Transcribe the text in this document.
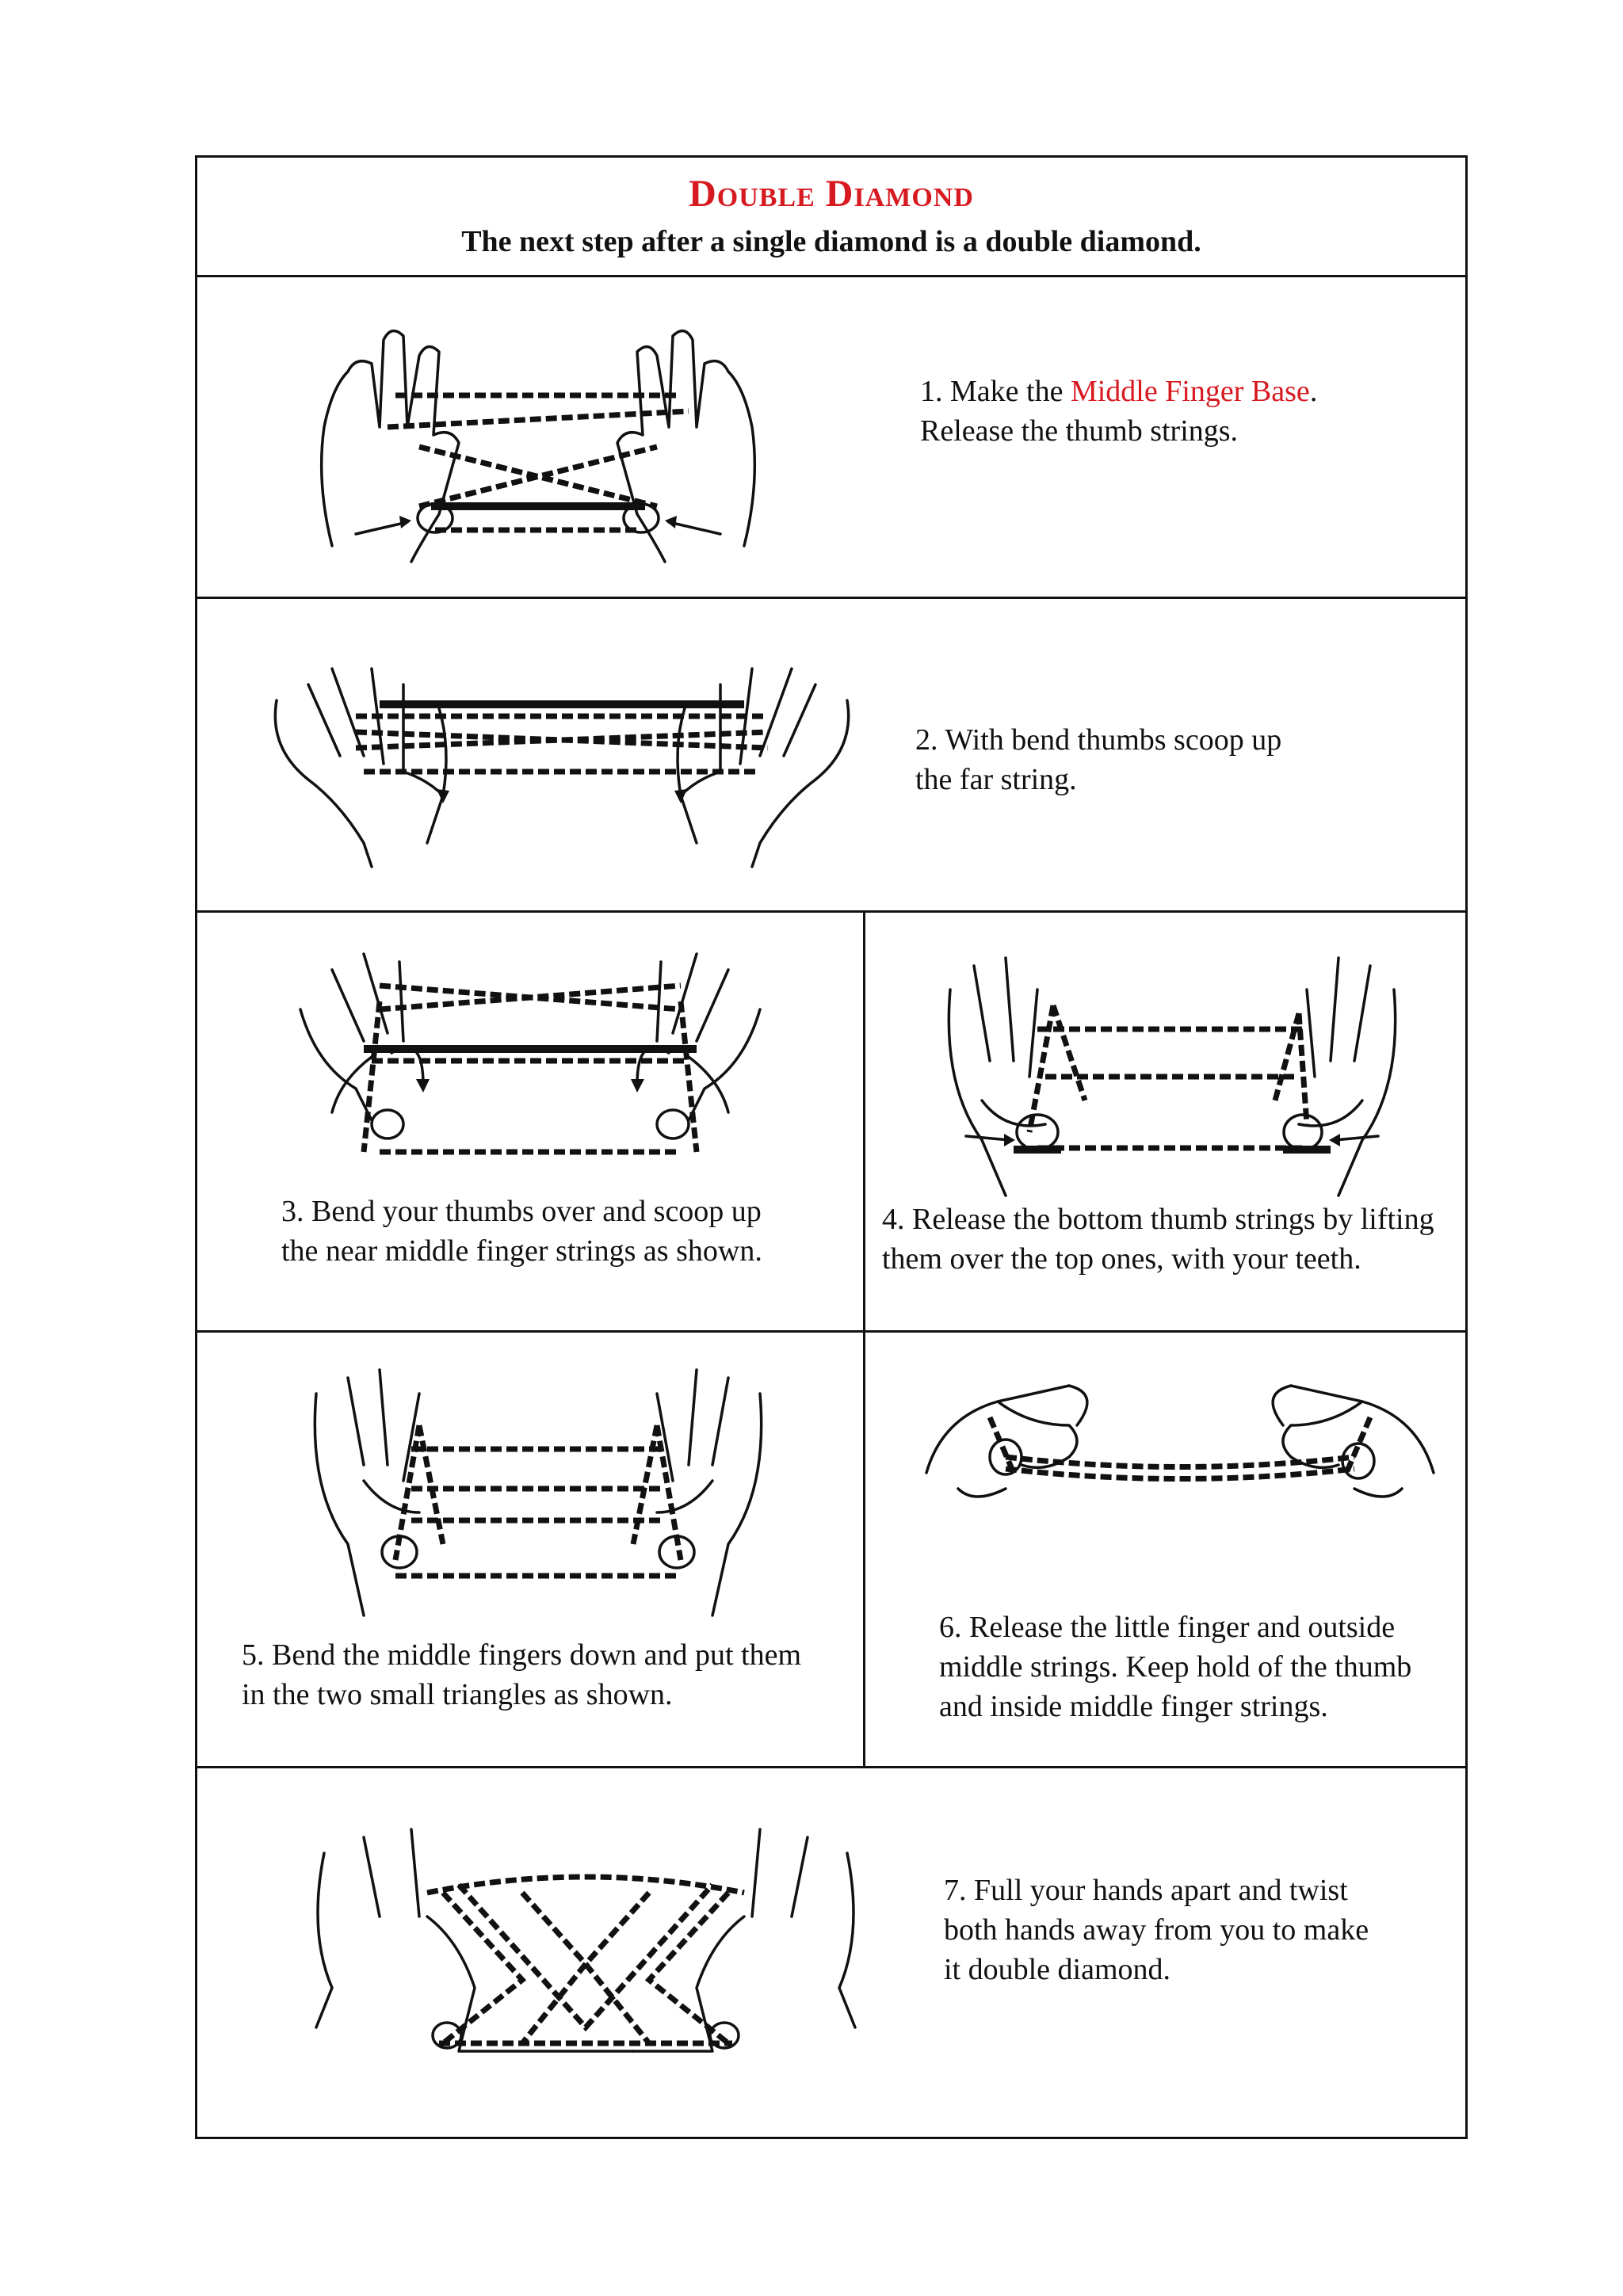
Double Diamond
The next step after a single diamond is a double diamond.
1. Make the Middle Finger Base.
Release the thumb strings.
2. With bend thumbs scoop up
the far string.
3. Bend your thumbs over and scoop up
the near middle finger strings as shown.
4. Release the bottom thumb strings by lifting
them over the top ones, with your teeth.
5. Bend the middle fingers down and put them
in the two small triangles as shown.
6. Release the little finger and outside
middle strings. Keep hold of the thumb
and inside middle finger strings.
7. Full your hands apart and twist
both hands away from you to make
it double diamond.
